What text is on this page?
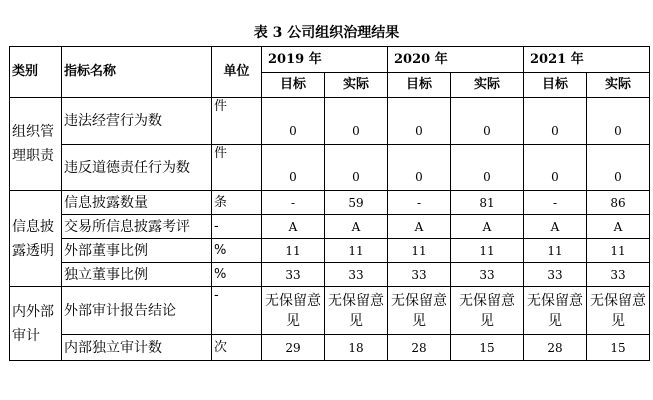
表 3 公司组织治理结果
类别	指标名称	单位	2019 年		2020 年		2021 年	
			目标	实际	目标	实际	目标	实际
组织管理职责	违法经营行为数	件	0	0	0	0	0	0
	违反道德责任行为数	件	0	0	0	0	0	0
信息披露透明	信息披露数量	条	-	59	-	81	-	86
	交易所信息披露考评	-	A	A	A	A	A	A
	外部董事比例	%	11	11	11	11	11	11
	独立董事比例	%	33	33	33	33	33	33
内外部审计	外部审计报告结论	-	无保留意见	无保留意见	无保留意见	无保留意见	无保留意见	无保留意见
	内部独立审计数	次	29	18	28	15	28	15
